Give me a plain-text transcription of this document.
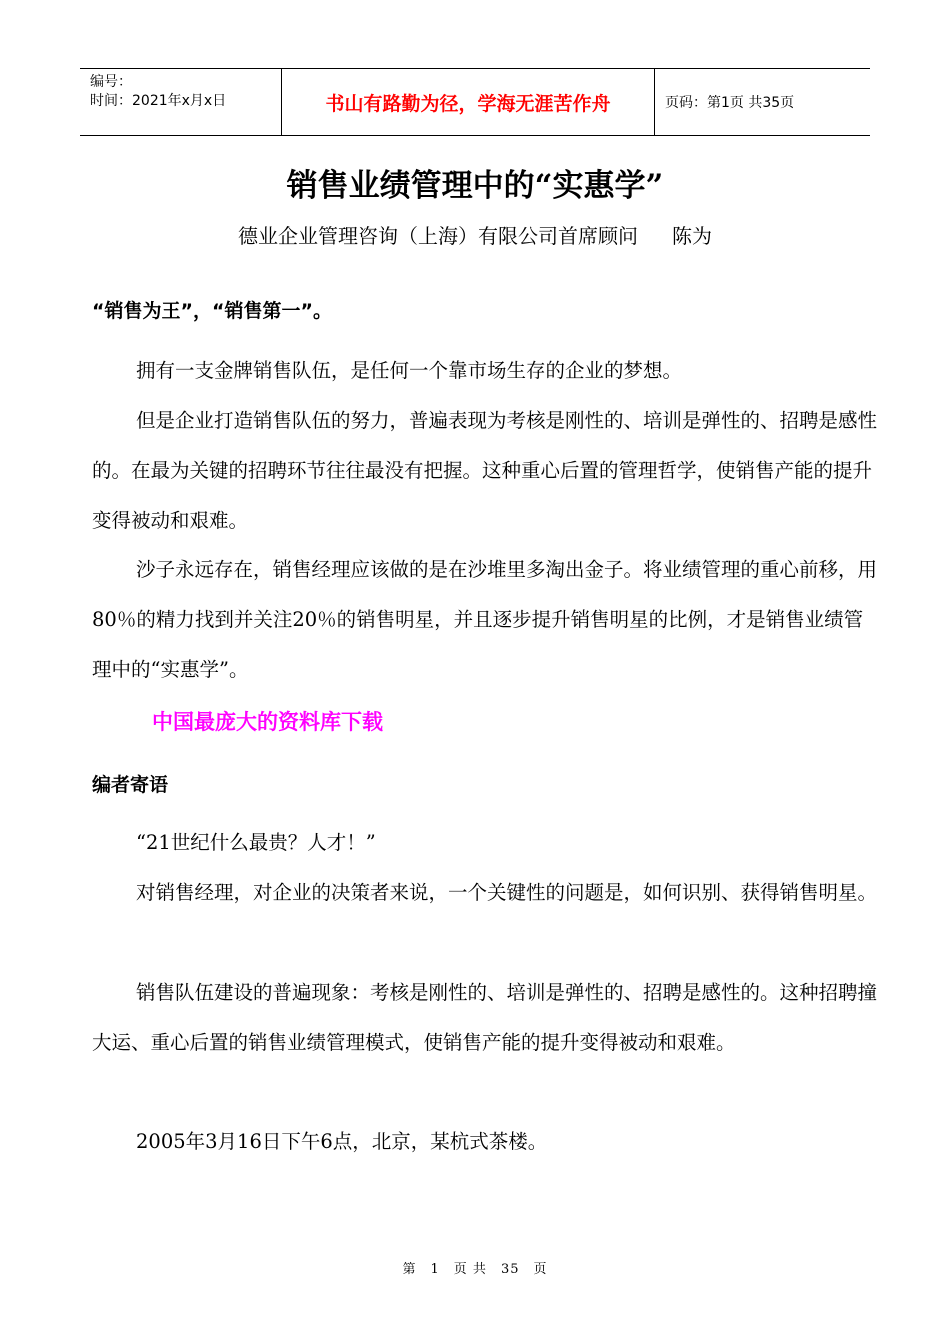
编号：
时间：2021年x月x日	书山有路勤为径，学海无涯苦作舟	页码：第1页 共35页
销售业绩管理中的“实惠学”
德业企业管理咨询（上海）有限公司首席顾问 陈为
“销售为王”，“销售第一”。
拥有一支金牌销售队伍，是任何一个靠市场生存的企业的梦想。
但是企业打造销售队伍的努力，普遍表现为考核是刚性的、培训是弹性的、招聘是感性的。在最为关键的招聘环节往往最没有把握。这种重心后置的管理哲学，使销售产能的提升变得被动和艰难。
沙子永远存在，销售经理应该做的是在沙堆里多淘出金子。将业绩管理的重心前移，用80％的精力找到并关注20％的销售明星，并且逐步提升销售明星的比例，才是销售业绩管理中的“实惠学”。
中国最庞大的资料库下载
编者寄语
“21世纪什么最贵？人才！”
对销售经理，对企业的决策者来说，一个关键性的问题是，如何识别、获得销售明星。
销售队伍建设的普遍现象：考核是刚性的、培训是弹性的、招聘是感性的。这种招聘撞大运、重心后置的销售业绩管理模式，使销售产能的提升变得被动和艰难。
2005年3月16日下午6点，北京，某杭式茶楼。
第 1 页 共 35 页
